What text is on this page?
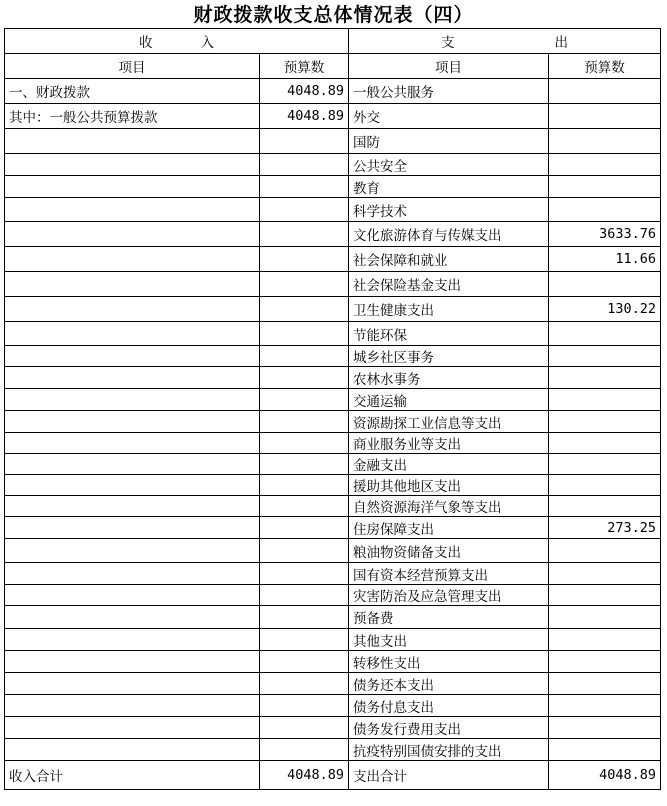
财政拨款收支总体情况表（四）
收 入		支 出	
项目	预算数	项目	预算数
一、财政拨款	4048.89	一般公共服务	
其中：一般公共预算拨款	4048.89	外交	
		国防	
		公共安全	
		教育	
		科学技术	
		文化旅游体育与传媒支出	3633.76
		社会保障和就业	11.66
		社会保险基金支出	
		卫生健康支出	130.22
		节能环保	
		城乡社区事务	
		农林水事务	
		交通运输	
		资源勘探工业信息等支出	
		商业服务业等支出	
		金融支出	
		援助其他地区支出	
		自然资源海洋气象等支出	
		住房保障支出	273.25
		粮油物资储备支出	
		国有资本经营预算支出	
		灾害防治及应急管理支出	
		预备费	
		其他支出	
		转移性支出	
		债务还本支出	
		债务付息支出	
		债务发行费用支出	
		抗疫特别国债安排的支出	
收入合计	4048.89	支出合计	4048.89
